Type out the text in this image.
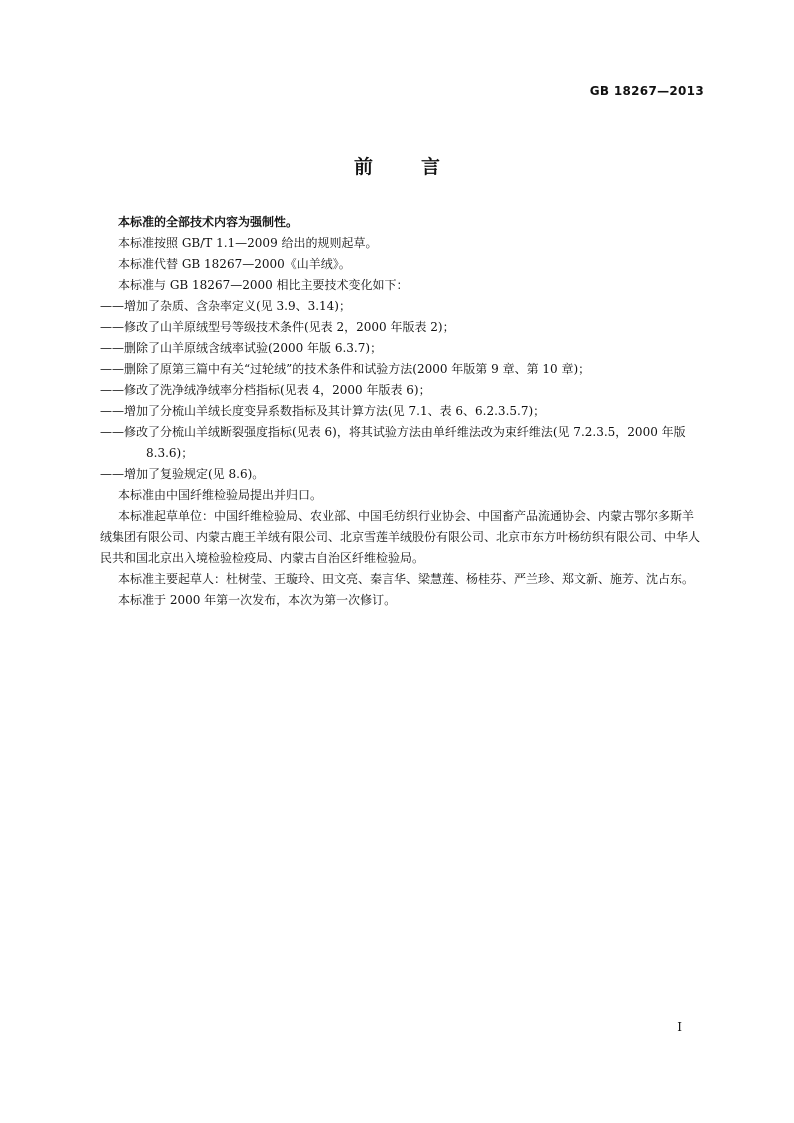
GB 18267—2013
前	言

本标准的全部技术内容为强制性。

本标准按照 GB/T 1.1—2009 给出的规则起草。

本标准代替 GB 18267—2000《山羊绒》。

本标准与 GB 18267—2000 相比主要技术变化如下：

——增加了杂质、含杂率定义(见 3.9、3.14)；

——修改了山羊原绒型号等级技术条件(见表 2，2000 年版表 2)；

——删除了山羊原绒含绒率试验(2000 年版 6.3.7)；

——删除了原第三篇中有关“过轮绒”的技术条件和试验方法(2000 年版第 9 章、第 10 章)；

——修改了洗净绒净绒率分档指标(见表 4，2000 年版表 6)；

——增加了分梳山羊绒长度变异系数指标及其计算方法(见 7.1、表 6、6.2.3.5.7)；

——修改了分梳山羊绒断裂强度指标(见表 6)，将其试验方法由单纤维法改为束纤维法(见 7.2.3.5，2000 年版 8.3.6)；

——增加了复验规定(见 8.6)。

本标准由中国纤维检验局提出并归口。

本标准起草单位：中国纤维检验局、农业部、中国毛纺织行业协会、中国畜产品流通协会、内蒙古鄂尔多斯羊绒集团有限公司、内蒙古鹿王羊绒有限公司、北京雪莲羊绒股份有限公司、北京市东方叶杨纺织有限公司、中华人民共和国北京出入境检验检疫局、内蒙古自治区纤维检验局。

本标准主要起草人：杜树莹、王璇玲、田文亮、秦言华、梁慧莲、杨桂芬、严兰珍、郑文新、施芳、沈占东。

本标准于 2000 年第一次发布，本次为第一次修订。

I
